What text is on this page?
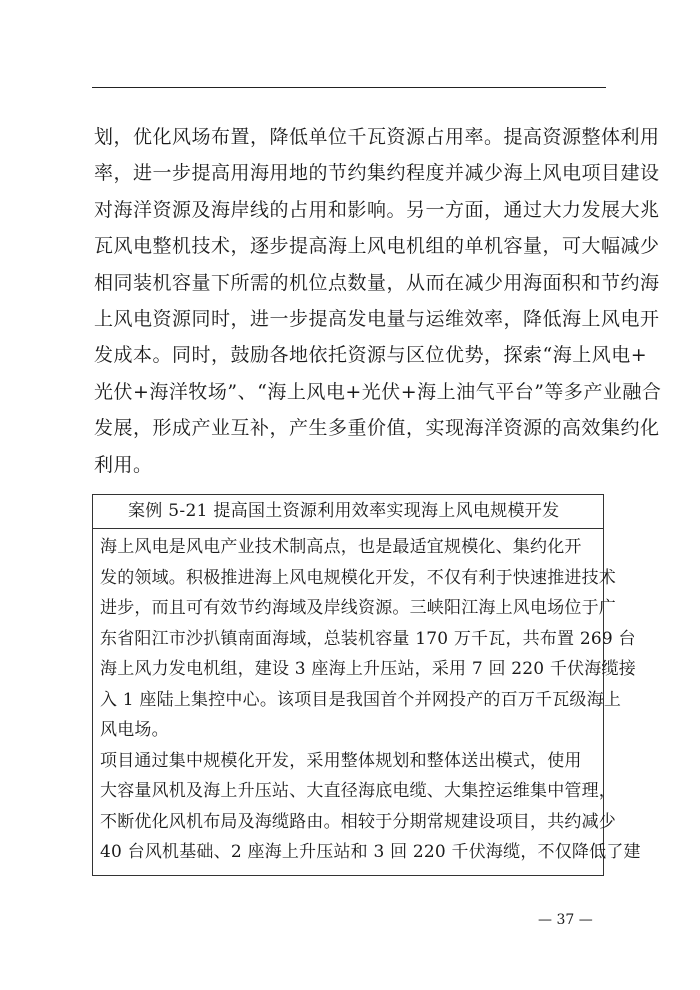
划，优化风场布置，降低单位千瓦资源占用率。提高资源整体利用
率，进一步提高用海用地的节约集约程度并减少海上风电项目建设
对海洋资源及海岸线的占用和影响。另一方面，通过大力发展大兆
瓦风电整机技术，逐步提高海上风电机组的单机容量，可大幅减少
相同装机容量下所需的机位点数量，从而在减少用海面积和节约海
上风电资源同时，进一步提高发电量与运维效率，降低海上风电开
发成本。同时，鼓励各地依托资源与区位优势，探索“海上风电+
光伏+海洋牧场”、“海上风电+光伏+海上油气平台”等多产业融合
发展，形成产业互补，产生多重价值，实现海洋资源的高效集约化
利用。
案例 5-21 提高国土资源利用效率实现海上风电规模开发
海上风电是风电产业技术制高点，也是最适宜规模化、集约化开
发的领域。积极推进海上风电规模化开发，不仅有利于快速推进技术
进步，而且可有效节约海域及岸线资源。三峡阳江海上风电场位于广
东省阳江市沙扒镇南面海域，总装机容量 170 万千瓦，共布置 269 台
海上风力发电机组，建设 3 座海上升压站，采用 7 回 220 千伏海缆接
入 1 座陆上集控中心。该项目是我国首个并网投产的百万千瓦级海上
风电场。
项目通过集中规模化开发，采用整体规划和整体送出模式，使用
大容量风机及海上升压站、大直径海底电缆、大集控运维集中管理，
不断优化风机布局及海缆路由。相较于分期常规建设项目，共约减少
40 台风机基础、2 座海上升压站和 3 回 220 千伏海缆，不仅降低了建
— 37 —
